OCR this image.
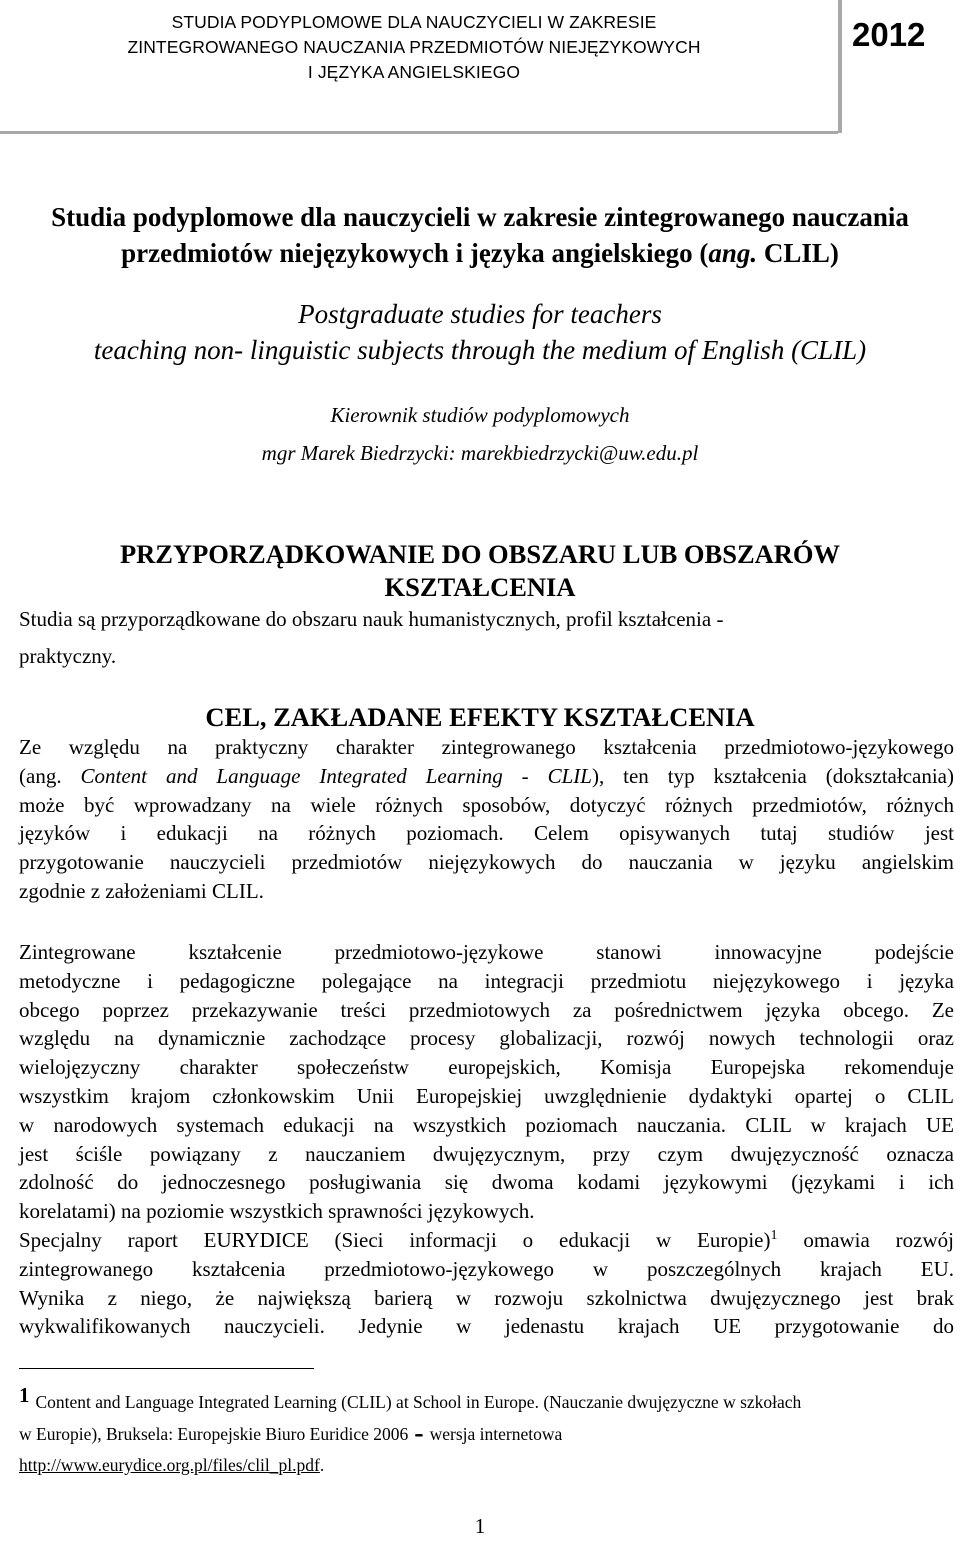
STUDIA PODYPLOMOWE DLA NAUCZYCIELI W ZAKRESIE
ZINTEGROWANEGO NAUCZANIA PRZEDMIOTÓW NIEJĘZYKOWYCH
I JĘZYKA ANGIELSKIEGO
2012
Studia podyplomowe dla nauczycieli w zakresie zintegrowanego nauczania
przedmiotów niejęzykowych i języka angielskiego (ang. CLIL)
Postgraduate studies for teachers
teaching non- linguistic subjects through the medium of English (CLIL)
Kierownik studiów podyplomowych
mgr Marek Biedrzycki: marekbiedrzycki@uw.edu.pl
PRZYPORZĄDKOWANIE DO OBSZARU LUB OBSZARÓW
KSZTAŁCENIA
Studia są przyporządkowane do obszaru nauk humanistycznych, profil kształcenia -
praktyczny.
CEL, ZAKŁADANE EFEKTY KSZTAŁCENIA
Ze względu na praktyczny charakter zintegrowanego kształcenia przedmiotowo-językowego
(ang. Content and Language Integrated Learning - CLIL), ten typ kształcenia (dokształcania)
może być wprowadzany na wiele różnych sposobów, dotyczyć różnych przedmiotów, różnych
języków i edukacji na różnych poziomach. Celem opisywanych tutaj studiów jest
przygotowanie nauczycieli przedmiotów niejęzykowych do nauczania w języku angielskim
zgodnie z założeniami CLIL.
Zintegrowane kształcenie przedmiotowo-językowe stanowi innowacyjne podejście
metodyczne i pedagogiczne polegające na integracji przedmiotu niejęzykowego i języka
obcego poprzez przekazywanie treści przedmiotowych za pośrednictwem języka obcego. Ze
względu na dynamicznie zachodzące procesy globalizacji, rozwój nowych technologii oraz
wielojęzyczny charakter społeczeństw europejskich, Komisja Europejska rekomenduje
wszystkim krajom członkowskim Unii Europejskiej uwzględnienie dydaktyki opartej o CLIL
w narodowych systemach edukacji na wszystkich poziomach nauczania. CLIL w krajach UE
jest ściśle powiązany z nauczaniem dwujęzycznym, przy czym dwujęzyczność oznacza
zdolność do jednoczesnego posługiwania się dwoma kodami językowymi (językami i ich
korelatami) na poziomie wszystkich sprawności językowych.
Specjalny raport EURYDICE (Sieci informacji o edukacji w Europie)$^1$ omawia rozwój
zintegrowanego kształcenia przedmiotowo-językowego w poszczególnych krajach EU.
Wynika z niego, że największą barierą w rozwoju szkolnictwa dwujęzycznego jest brak
wykwalifikowanych nauczycieli. Jedynie w jedenastu krajach UE przygotowanie do
1 Content and Language Integrated Learning (CLIL) at School in Europe. (Nauczanie dwujęzyczne w szkołach
w Europie), Bruksela: Europejskie Biuro Euridice 2006 - wersja internetowa
http://www.eurydice.org.pl/files/clil_pl.pdf.
1
